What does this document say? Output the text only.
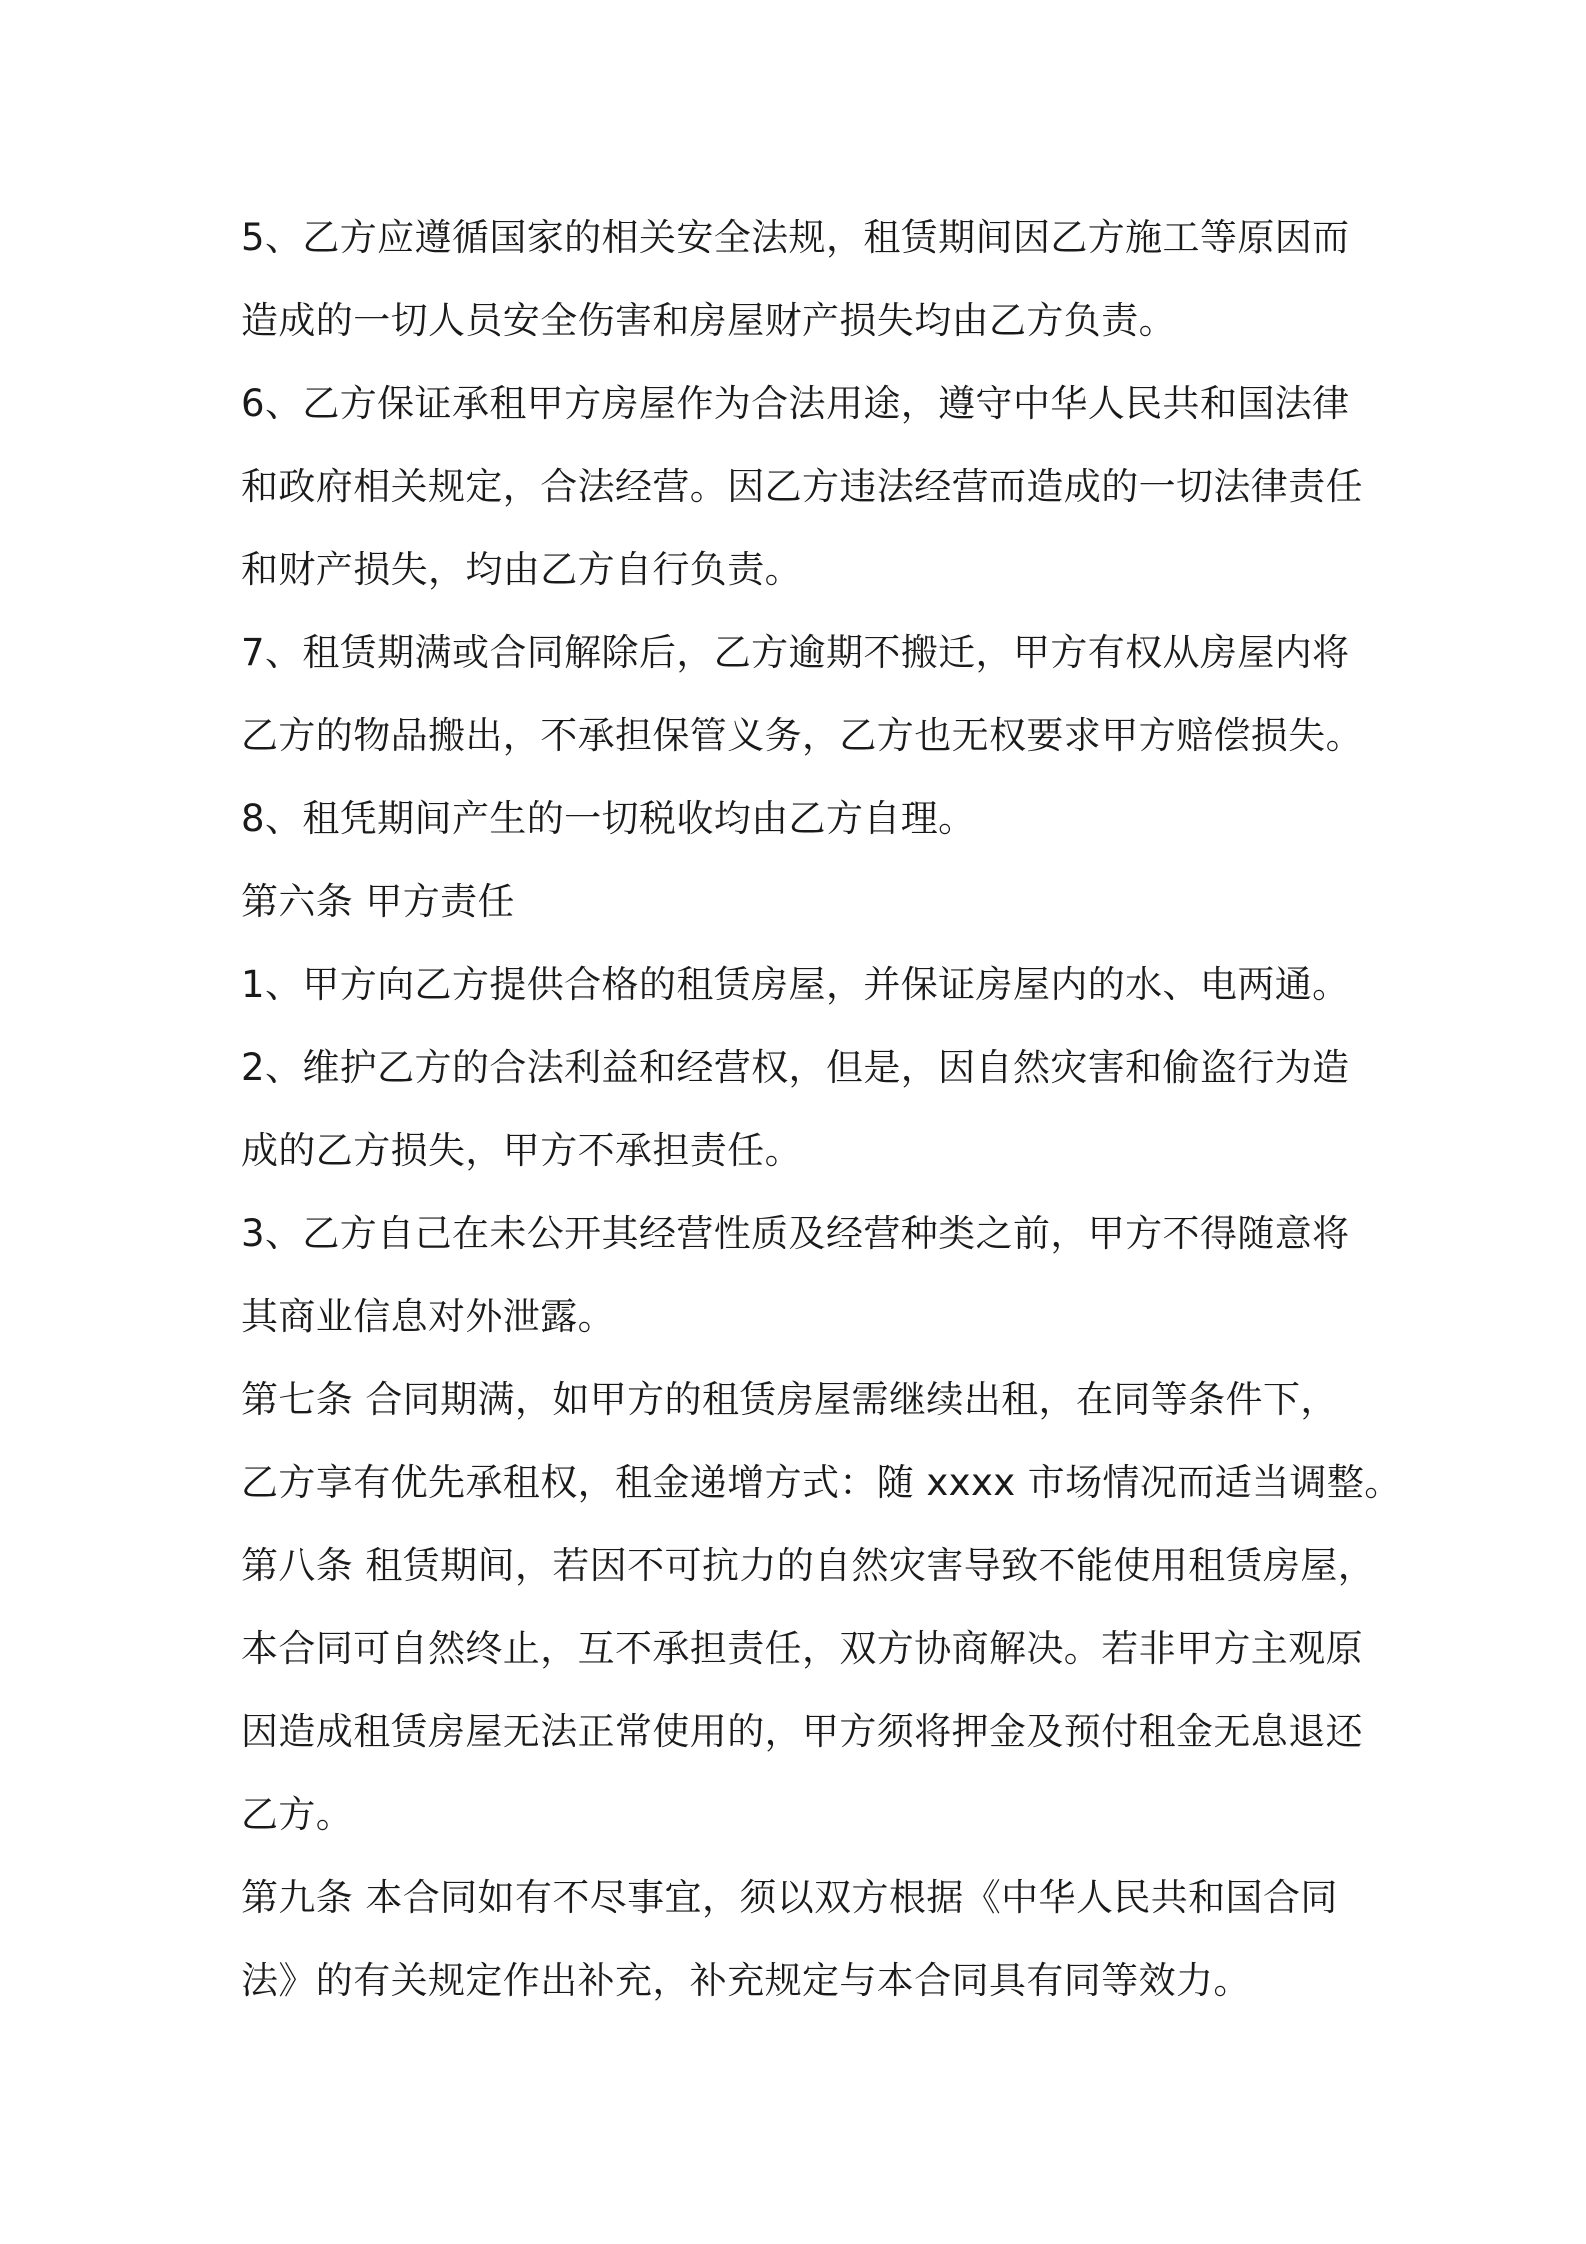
5、乙方应遵循国家的相关安全法规，租赁期间因乙方施工等原因而
造成的一切人员安全伤害和房屋财产损失均由乙方负责。
6、乙方保证承租甲方房屋作为合法用途，遵守中华人民共和国法律
和政府相关规定，合法经营。因乙方违法经营而造成的一切法律责任
和财产损失，均由乙方自行负责。
7、租赁期满或合同解除后，乙方逾期不搬迁，甲方有权从房屋内将
乙方的物品搬出，不承担保管义务，乙方也无权要求甲方赔偿损失。
8、租凭期间产生的一切税收均由乙方自理。
第六条 甲方责任
1、甲方向乙方提供合格的租赁房屋，并保证房屋内的水、电两通。
2、维护乙方的合法利益和经营权，但是，因自然灾害和偷盗行为造
成的乙方损失，甲方不承担责任。
3、乙方自己在未公开其经营性质及经营种类之前，甲方不得随意将
其商业信息对外泄露。
第七条 合同期满，如甲方的租赁房屋需继续出租，在同等条件下，
乙方享有优先承租权，租金递增方式：随 xxxx 市场情况而适当调整。
第八条 租赁期间，若因不可抗力的自然灾害导致不能使用租赁房屋，
本合同可自然终止，互不承担责任，双方协商解决。若非甲方主观原
因造成租赁房屋无法正常使用的，甲方须将押金及预付租金无息退还
乙方。
第九条 本合同如有不尽事宜，须以双方根据《中华人民共和国合同
法》的有关规定作出补充，补充规定与本合同具有同等效力。
